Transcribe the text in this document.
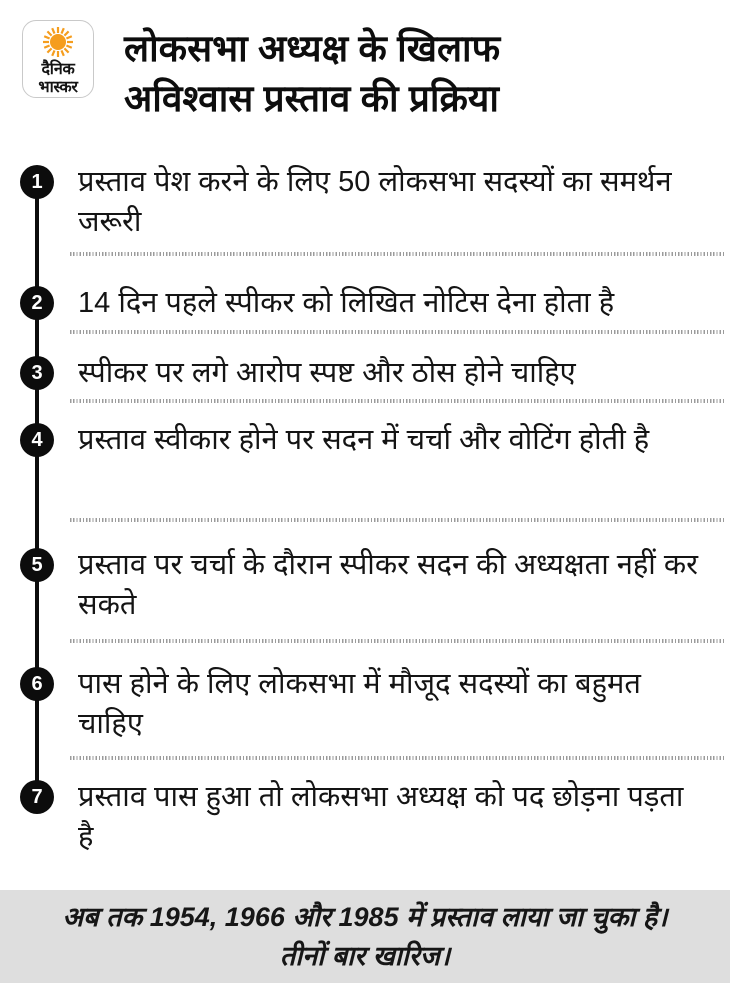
दैनिक
भास्कर
लोकसभा अध्यक्ष के खिलाफ
अविश्वास प्रस्ताव की प्रक्रिया
1	प्रस्ताव पेश करने के लिए 50 लोकसभा सदस्यों का समर्थन जरूरी

2	14 दिन पहले स्पीकर को लिखित नोटिस देना होता है

3	स्पीकर पर लगे आरोप स्पष्ट और ठोस होने चाहिए

4	प्रस्ताव स्वीकार होने पर सदन में चर्चा और वोटिंग होती है

5	प्रस्ताव पर चर्चा के दौरान स्पीकर सदन की अध्यक्षता नहीं कर सकते

6	पास होने के लिए लोकसभा में मौजूद सदस्यों का बहुमत चाहिए

7	प्रस्ताव पास हुआ तो लोकसभा अध्यक्ष को पद छोड़ना पड़ता है

अब तक 1954, 1966 और 1985 में प्रस्ताव लाया जा चुका है।
तीनों बार खारिज।
